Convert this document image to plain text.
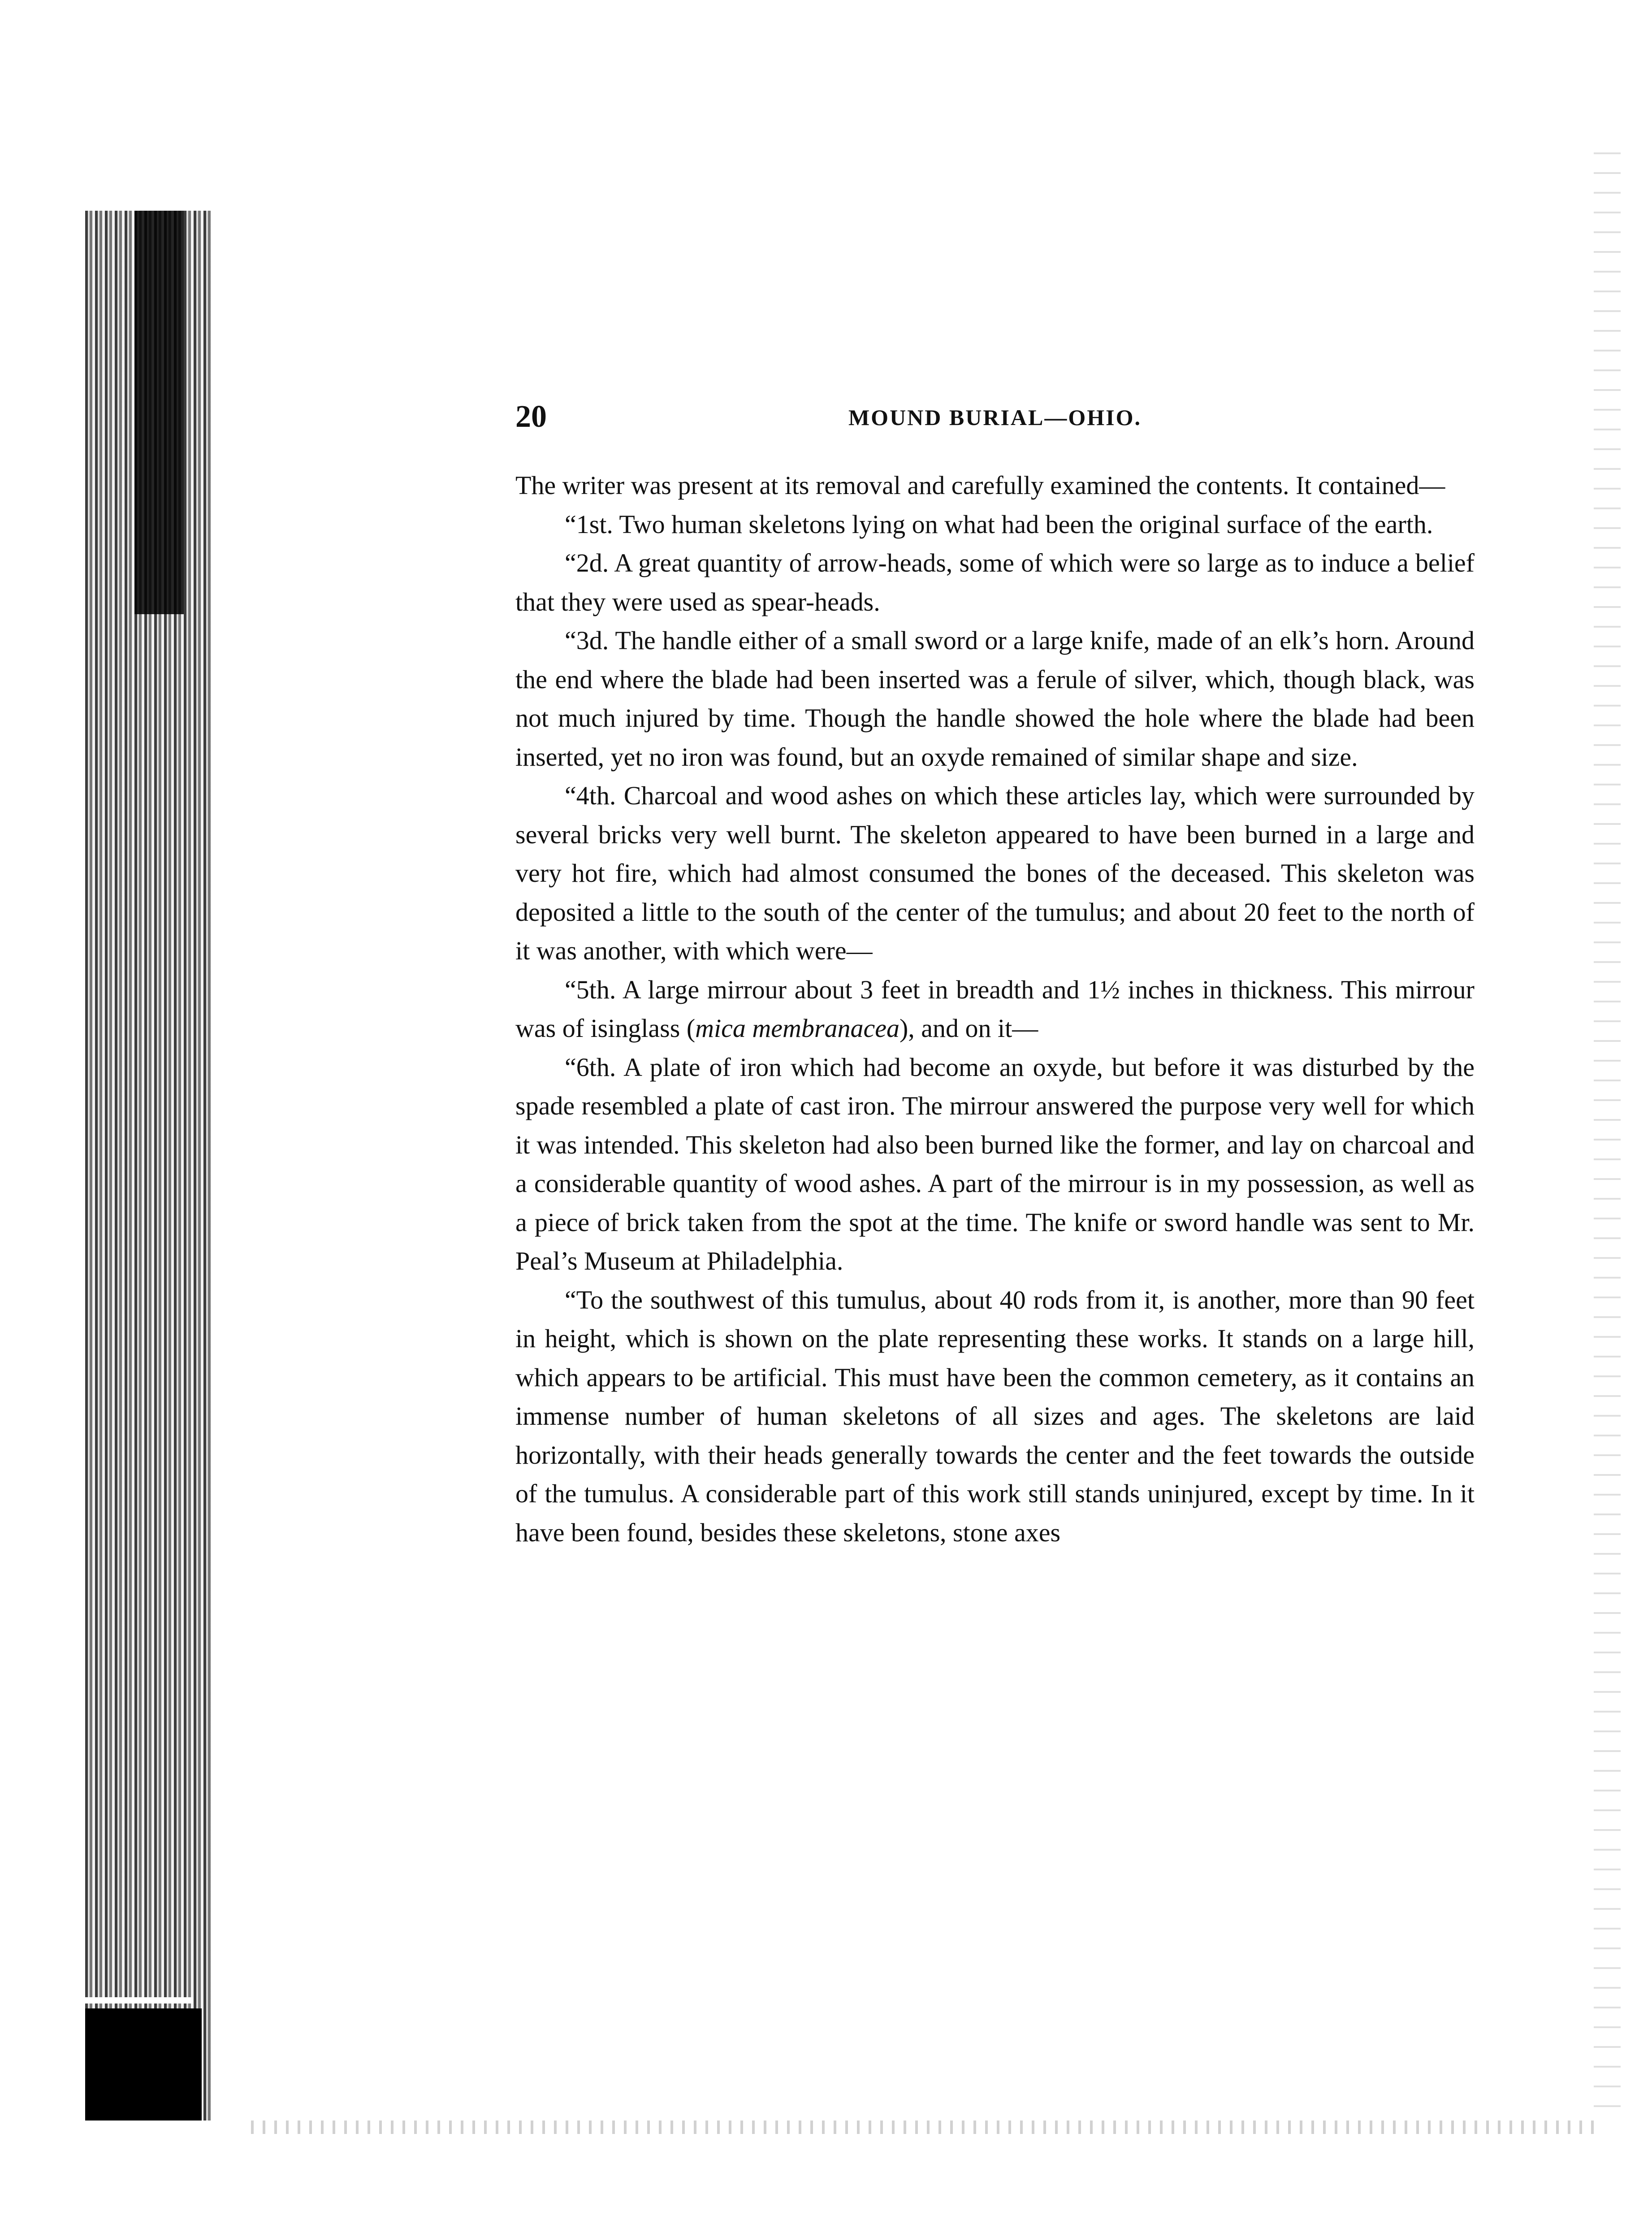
20	MOUND BURIAL—OHIO.

The writer was present at its removal and carefully examined the contents. It contained—

“1st. Two human skeletons lying on what had been the original surface of the earth.

“2d. A great quantity of arrow-heads, some of which were so large as to induce a belief that they were used as spear-heads.

“3d. The handle either of a small sword or a large knife, made of an elk’s horn. Around the end where the blade had been inserted was a ferule of silver, which, though black, was not much injured by time. Though the handle showed the hole where the blade had been inserted, yet no iron was found, but an oxyde remained of similar shape and size.

“4th. Charcoal and wood ashes on which these articles lay, which were surrounded by several bricks very well burnt. The skeleton appeared to have been burned in a large and very hot fire, which had almost consumed the bones of the deceased. This skeleton was deposited a little to the south of the center of the tumulus; and about 20 feet to the north of it was another, with which were—

“5th. A large mirrour about 3 feet in breadth and 1½ inches in thickness. This mirrour was of isinglass (mica membranacea), and on it—

“6th. A plate of iron which had become an oxyde, but before it was disturbed by the spade resembled a plate of cast iron. The mirrour answered the purpose very well for which it was intended. This skeleton had also been burned like the former, and lay on charcoal and a considerable quantity of wood ashes. A part of the mirrour is in my possession, as well as a piece of brick taken from the spot at the time. The knife or sword handle was sent to Mr. Peal’s Museum at Philadelphia.

“To the southwest of this tumulus, about 40 rods from it, is another, more than 90 feet in height, which is shown on the plate representing these works. It stands on a large hill, which appears to be artificial. This must have been the common cemetery, as it contains an immense number of human skeletons of all sizes and ages. The skeletons are laid horizontally, with their heads generally towards the center and the feet towards the outside of the tumulus. A considerable part of this work still stands uninjured, except by time. In it have been found, besides these skeletons, stone axes
